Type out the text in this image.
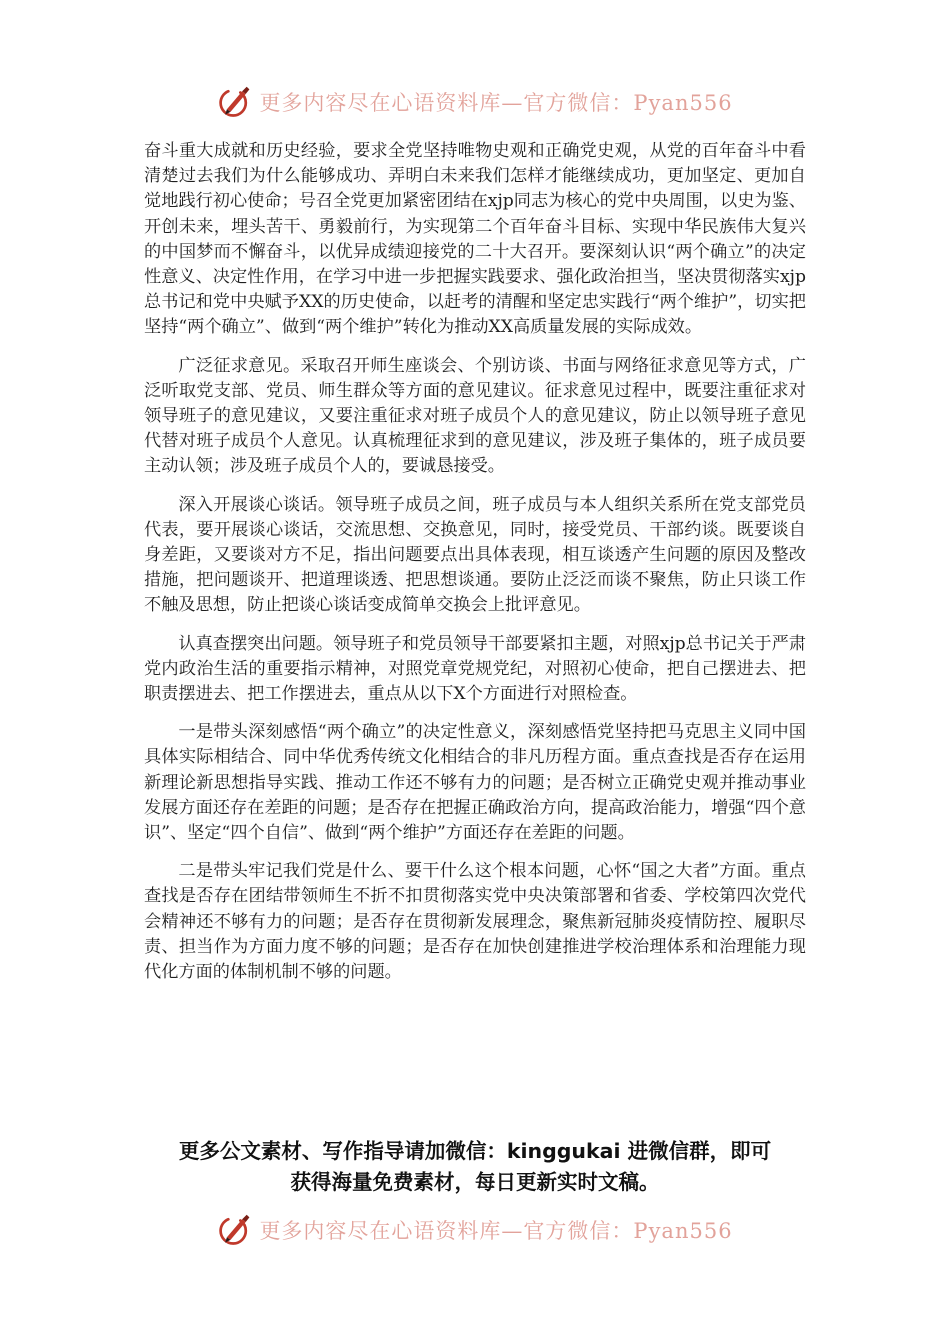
更多内容尽在心语资料库—官方微信：Pyan556

奋斗重大成就和历史经验，要求全党坚持唯物史观和正确党史观，从党的百年奋斗中看清楚过去我们为什么能够成功、弄明白未来我们怎样才能继续成功，更加坚定、更加自觉地践行初心使命；号召全党更加紧密团结在xjp同志为核心的党中央周围，以史为鉴、开创未来，埋头苦干、勇毅前行，为实现第二个百年奋斗目标、实现中华民族伟大复兴的中国梦而不懈奋斗，以优异成绩迎接党的二十大召开。要深刻认识“两个确立”的决定性意义、决定性作用，在学习中进一步把握实践要求、强化政治担当，坚决贯彻落实xjp总书记和党中央赋予XX的历史使命，以赶考的清醒和坚定忠实践行“两个维护”，切实把坚持“两个确立”、做到“两个维护”转化为推动XX高质量发展的实际成效。

广泛征求意见。采取召开师生座谈会、个别访谈、书面与网络征求意见等方式，广泛听取党支部、党员、师生群众等方面的意见建议。征求意见过程中，既要注重征求对领导班子的意见建议，又要注重征求对班子成员个人的意见建议，防止以领导班子意见代替对班子成员个人意见。认真梳理征求到的意见建议，涉及班子集体的，班子成员要主动认领；涉及班子成员个人的，要诚恳接受。

深入开展谈心谈话。领导班子成员之间，班子成员与本人组织关系所在党支部党员代表，要开展谈心谈话，交流思想、交换意见，同时，接受党员、干部约谈。既要谈自身差距，又要谈对方不足，指出问题要点出具体表现，相互谈透产生问题的原因及整改措施，把问题谈开、把道理谈透、把思想谈通。要防止泛泛而谈不聚焦，防止只谈工作不触及思想，防止把谈心谈话变成简单交换会上批评意见。

认真查摆突出问题。领导班子和党员领导干部要紧扣主题，对照xjp总书记关于严肃党内政治生活的重要指示精神，对照党章党规党纪，对照初心使命，把自己摆进去、把职责摆进去、把工作摆进去，重点从以下X个方面进行对照检查。

一是带头深刻感悟“两个确立”的决定性意义，深刻感悟党坚持把马克思主义同中国具体实际相结合、同中华优秀传统文化相结合的非凡历程方面。重点查找是否存在运用新理论新思想指导实践、推动工作还不够有力的问题；是否树立正确党史观并推动事业发展方面还存在差距的问题；是否存在把握正确政治方向，提高政治能力，增强“四个意识”、坚定“四个自信”、做到“两个维护”方面还存在差距的问题。

二是带头牢记我们党是什么、要干什么这个根本问题，心怀“国之大者”方面。重点查找是否存在团结带领师生不折不扣贯彻落实党中央决策部署和省委、学校第四次党代会精神还不够有力的问题；是否存在贯彻新发展理念，聚焦新冠肺炎疫情防控、履职尽责、担当作为方面力度不够的问题；是否存在加快创建推进学校治理体系和治理能力现代化方面的体制机制不够的问题。

更多公文素材、写作指导请加微信：kinggukai 进微信群，即可
获得海量免费素材，每日更新实时文稿。
更多内容尽在心语资料库—官方微信：Pyan556
